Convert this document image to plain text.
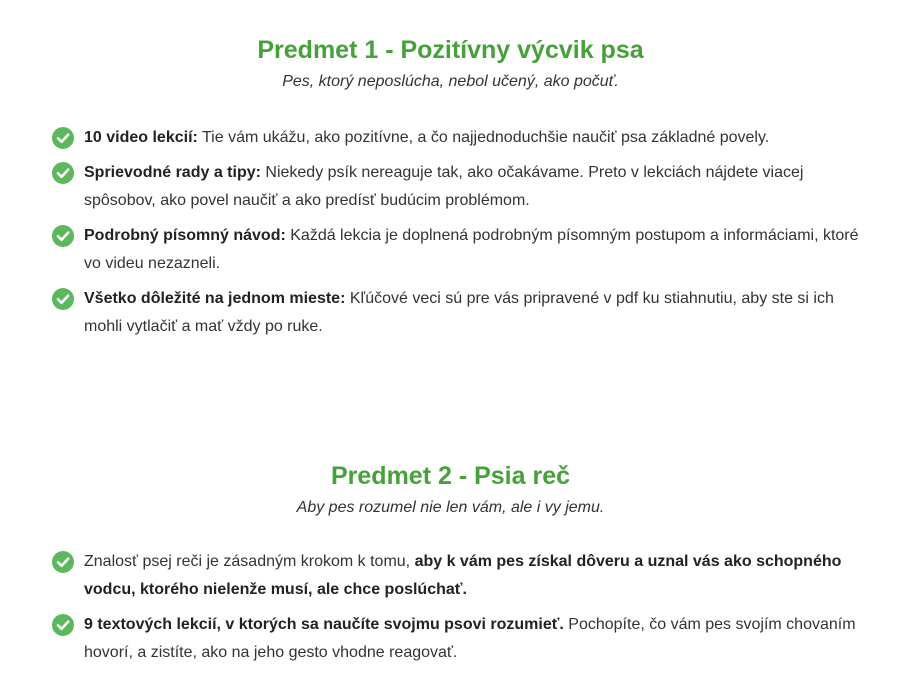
Predmet 1 - Pozitívny výcvik psa

Pes, ktorý neposlúcha, nebol učený, ako počuť.

10 video lekcií: Tie vám ukážu, ako pozitívne, a čo najjednoduchšie naučiť psa základné povely.
Sprievodné rady a tipy: Niekedy psík nereaguje tak, ako očakávame. Preto v lekciách nájdete viacej spôsobov, ako povel naučiť a ako predísť budúcim problémom.
Podrobný písomný návod: Každá lekcia je doplnená podrobným písomným postupom a informáciami, ktoré vo videu nezazneli.
Všetko dôležité na jednom mieste: Kľúčové veci sú pre vás pripravené v pdf ku stiahnutiu, aby ste si ich mohli vytlačiť a mať vždy po ruke.
Predmet 2 - Psia reč

Aby pes rozumel nie len vám, ale i vy jemu.

Znalosť psej reči je zásadným krokom k tomu, aby k vám pes získal dôveru a uznal vás ako schopného vodcu, ktorého nielenže musí, ale chce poslúchať.
9 textových lekcií, v ktorých sa naučíte svojmu psovi rozumieť. Pochopíte, čo vám pes svojím chovaním hovorí, a zistíte, ako na jeho gesto vhodne reagovať.
